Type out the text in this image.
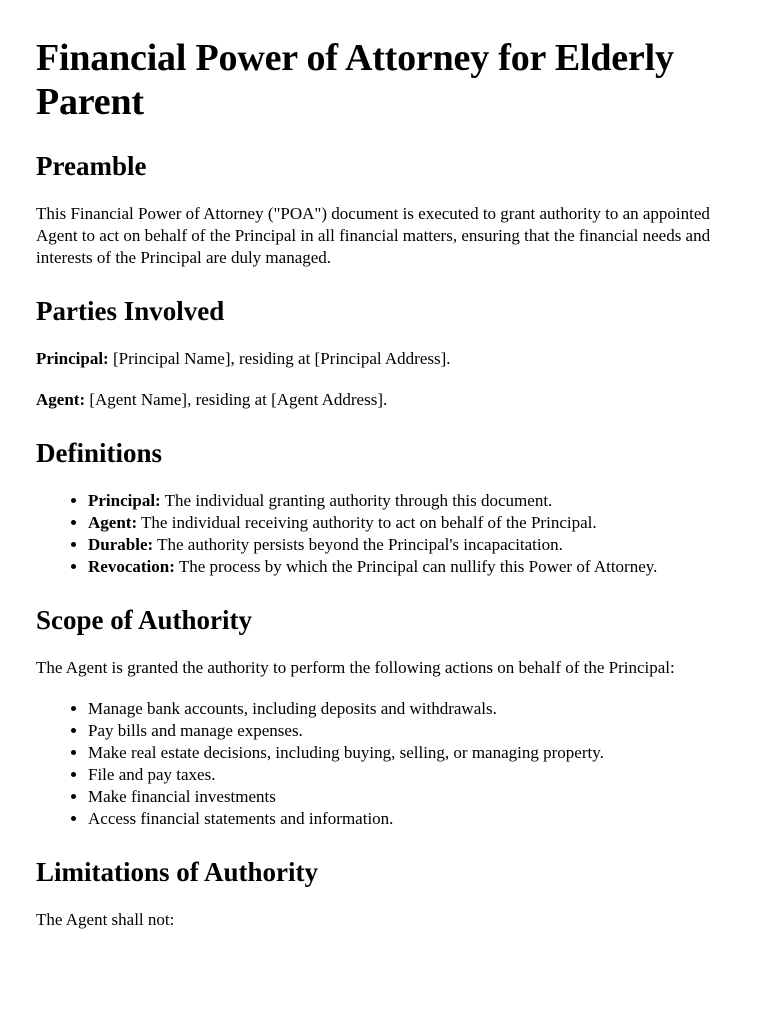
Financial Power of Attorney for Elderly Parent
Preamble

This Financial Power of Attorney ("POA") document is executed to grant authority to an appointed Agent to act on behalf of the Principal in all financial matters, ensuring that the financial needs and interests of the Principal are duly managed.

Parties Involved

Principal: [Principal Name], residing at [Principal Address].

Agent: [Agent Name], residing at [Agent Address].

Definitions
• Principal: The individual granting authority through this document.
• Agent: The individual receiving authority to act on behalf of the Principal.
• Durable: The authority persists beyond the Principal's incapacitation.
• Revocation: The process by which the Principal can nullify this Power of Attorney.
Scope of Authority

The Agent is granted the authority to perform the following actions on behalf of the Principal:

• Manage bank accounts, including deposits and withdrawals.
• Pay bills and manage expenses.
• Make real estate decisions, including buying, selling, or managing property.
• File and pay taxes.
• Make financial investments
• Access financial statements and information.
Limitations of Authority

The Agent shall not:
